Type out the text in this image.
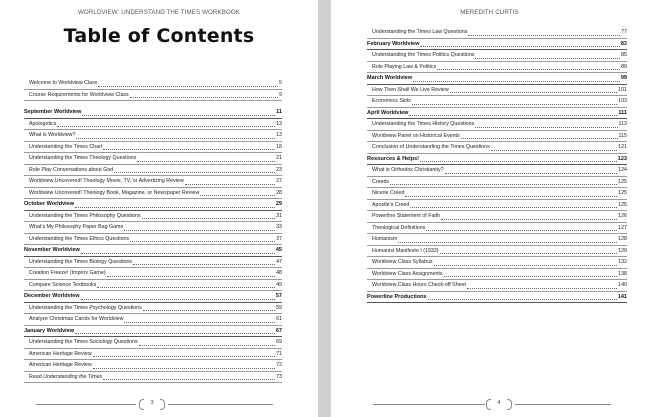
WORLDVIEW: UNDERSTAND THE TIMES WORKBOOK
Table of Contents
Welcome to Worldview Class	5
Course Requirements for Worldview Class	9
September Worldview	11
Apologetics	13
What is Worldview?	13
Understanding the Times Chart	18
Understanding the Times Theology Questions	21
Role Play Conversations about God	23
Worldview Uncovered! Theology Movie, TV, or Advertizing Review	27
Worldview Uncovered! Theology Book, Magazine, or Newspaper Review	28
October Worldview	29
Understanding the Times Philosophy Questions	31
What’s My Philosophy Paper Bag Game	33
Understanding the Times Ethics Questions	37
November Worldview	45
Understanding the Times Biology Questions	47
Creation Freeze! (Improv Game)	48
Compare Science Textbooks	49
December Worldview	57
Understanding the Times Psychology Questions	59
Analyze Christmas Carols for Worldview	61
January Worldview	67
Understanding the Times Sociology Questions	69
American Heritage Review	71
American Heritage Review	72
Read Understanding the Times	73
3
MEREDITH CURTIS
Understanding the Times Law Questions	77
February Worldview	83
Understanding the Times Politics Questions	85
Role Playing Law & Politics	89
March Worldview	99
How Then Shall We Live Review	101
Economics Skits	103
April Worldview	111
Understanding the Times History Questions	113
Worldview Panel on Historical Events	115
Conclusion of Understanding the Times Questions	121
Resources & Helps!	123
What is Orthodox Christianity?	124
Creeds	125
Nicene Creed	125
Apostle’s Creed	125
Powerline Statement of Faith	126
Theological Definitions	127
Humanism	128
Humanist Manifesto I (1933)	129
Worldview Class Syllabus	132
Worldview Class Assignments	138
Worldview Class Hours Check-off Sheet	140
Powerline Productions	141
4
